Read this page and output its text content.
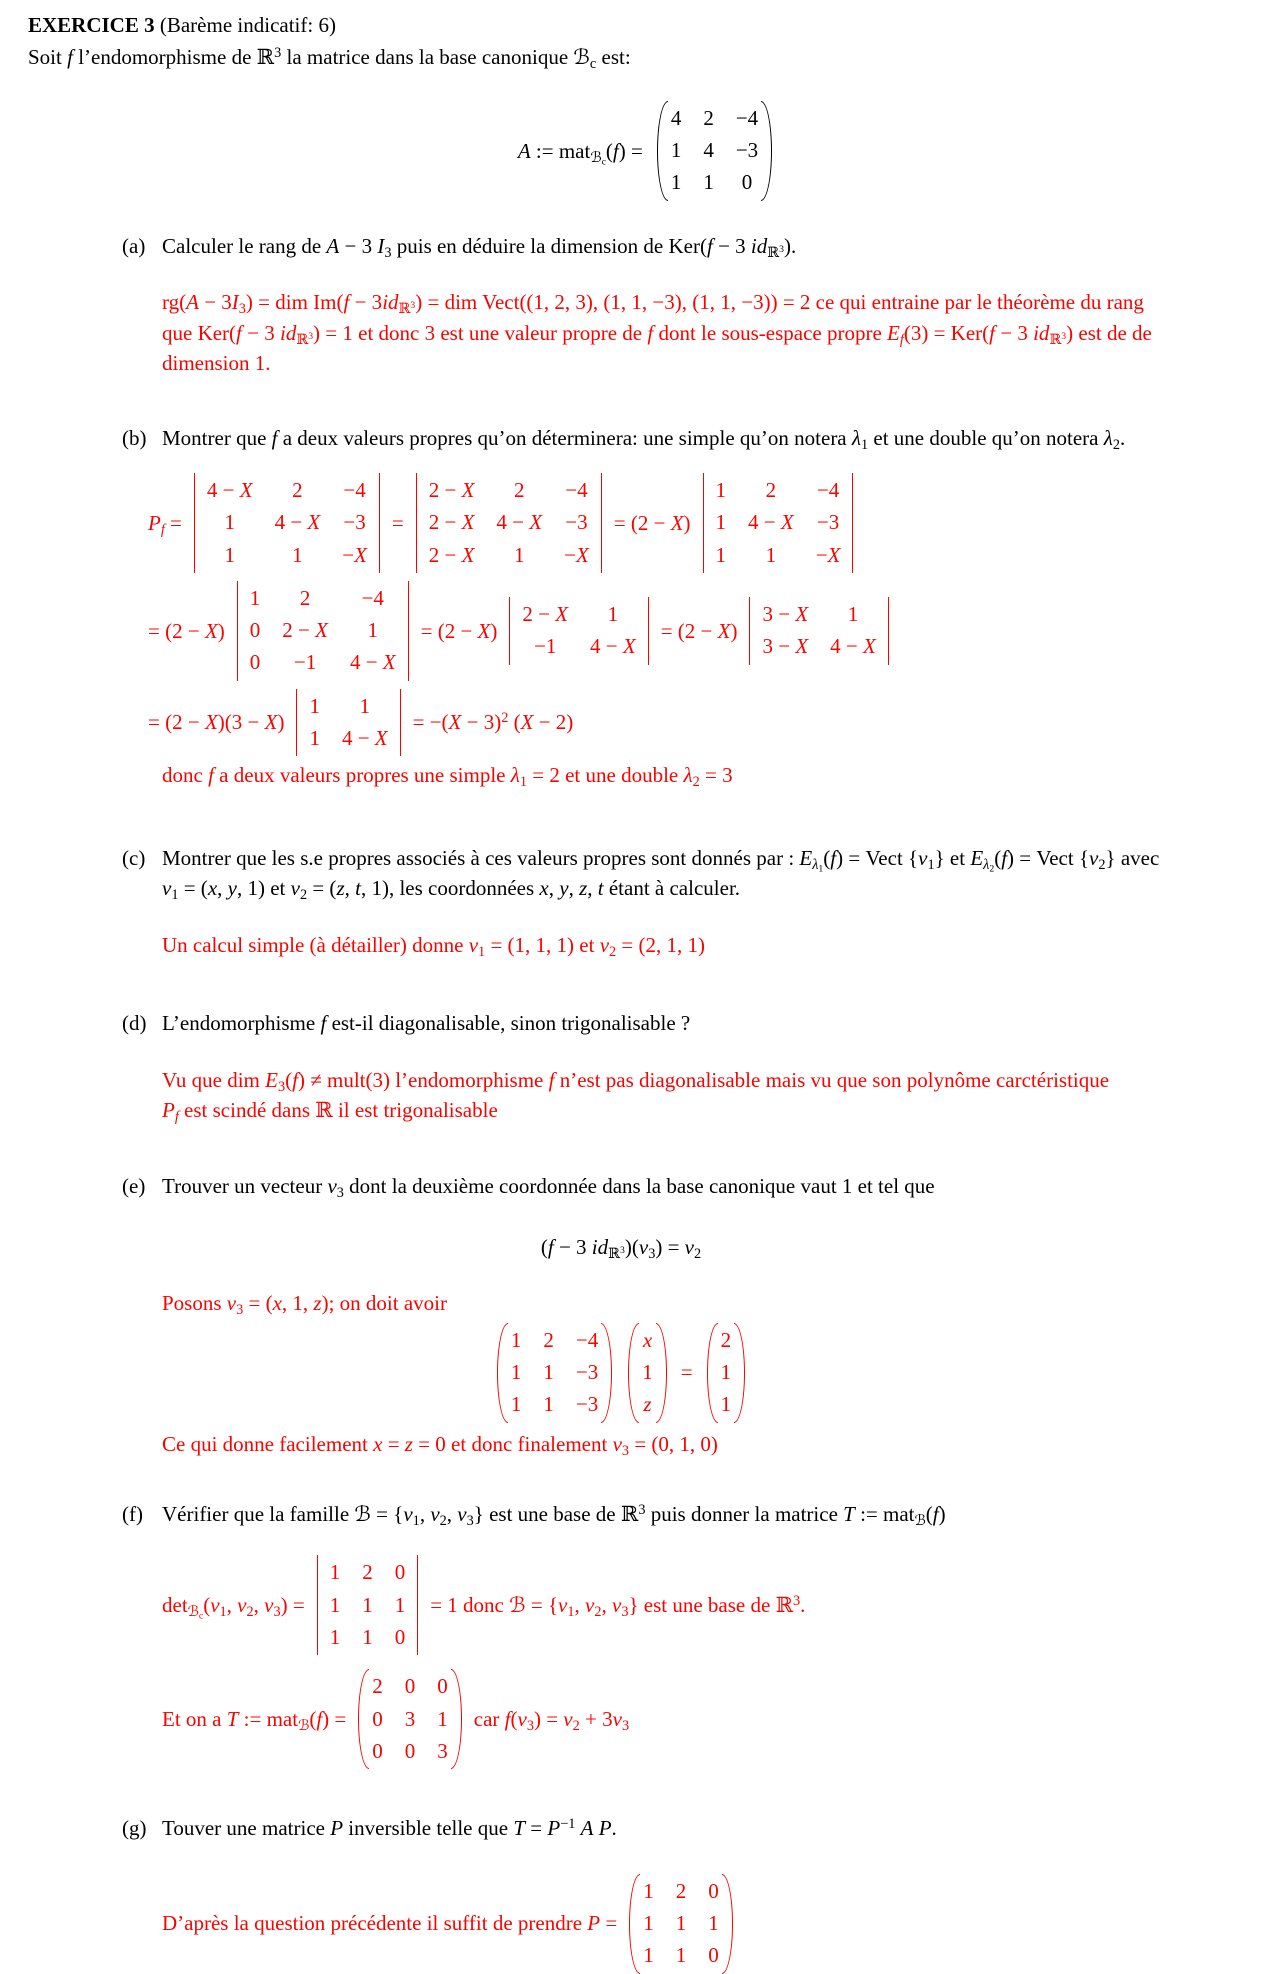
EXERCICE 3 (Barème indicatif: 6)

Soit f l’endomorphisme de ℝ$^3$ la matrice dans la base canonique ℬ$_c$ est:

A := mat$_{ℬ_c}$(f) =
4 2 −4
1 4 −3
1 1 0
(a) Calculer le rang de A − 3 $I_3$ puis en déduire la dimension de Ker(f − 3 $id_{ℝ^3}$).

$rg(A - 3I_3)$ = dim $Im(f - 3id_{ℝ^3})$ = dim Vect((1, 2, 3), (1, 1, −3), (1, 1, −3)) = 2 ce qui entraine par le théorème du rang que Ker(f − 3 $id_{ℝ^3}) = 1$ et donc 3 est une valeur propre de f dont le sous-espace propre $E_f(3) = Ker(f - 3$ $id_{ℝ^3}$) est de de dimension 1.

(b) Montrer que f a deux valeurs propres qu’on déterminera: une simple qu’on notera $\lambda_1$ et une double qu’on notera $\lambda_2$.

$P_f$ =
4 − X 2 −4
1 4 − X −3
1	1 −X
=
2 − X 2 −4
2 − X 4 − X −3
2 − X 1 −X
= (2 − X)
1 2 −4
1 4 − X −3
1 1 −X
= (2 − X)
1 2 −4
0 2 − X 1
0 −1 4 − X
= (2 − X)
2 − X 1
−1 4 − X
= (2 − X)
3 − X 1
3 − X 4 − X
= (2 − X)(3 − X)
1 1
1 4 − X
= $-(X - 3)^2$ (X − 2)

donc f a deux valeurs propres une simple $\lambda_1 = 2$ et une double $\lambda_2 = 3$

(c) Montrer que les s.e propres associés à ces valeurs propres sont donnés par : $E_{\lambda_1}(f)$ = Vect $\{v_1\}$ et $E_{\lambda_2}(f)$ = Vect $\{v_2\}$ avec $v_1 = (x$, y, 1) et $v_2 = (z$, t, 1), les coordonnées x, y, z, t étant à calculer.

Un calcul simple (à détailler) donne $v_1 = (1$, 1, 1) et $v_2 = (2$, 1, 1)

(d) L’endomorphisme f est-il diagonalisable, sinon trigonalisable ?

Vu que dim $E_3(f)$ ≠ mult(3) l’endomorphisme f n’est pas diagonalisable mais vu que son polynôme carctéristique

$P_f$ est scindé dans ℝ il est trigonalisable

(e) Trouver un vecteur $v_3$ dont la deuxième coordonnée dans la base canonique vaut 1 et tel que

(f − 3 $id_{ℝ^3})(v_3) = v_2$

Posons $v_3 = (x$, 1, z); on doit avoir

1 2 −4
1 1 −3
1 1 −3
x
1
z
=
2
1
1

Ce qui donne facilement x = z = 0 et donc finalement $v_3 = (0$, 1, 0)

(f) Vérifier que la famille ℬ = {$v_1$, $v_2$, $v_3$} est une base de ℝ$^3$ puis donner la matrice T := mat$_ℬ$(f)

$\det_{ℬ_c}(v_1$, $v_2$, $v_3$) =
1 2 0
1 1 1
1 1 0
= 1 donc ℬ = {$v_1$, $v_2$, $v_3$} est une base de ℝ$^3$.
Et on a T := mat$_ℬ$(f) =
2 0 0
0 3 1
0 0 3
car $f(v_3) = v_2 + 3v_3$
(g) Touver une matrice P inversible telle que $T = P^{-1}$ A P.

D’après la question précédente il suffit de prendre P =
1 2 0
1 1 1
1 1 0
